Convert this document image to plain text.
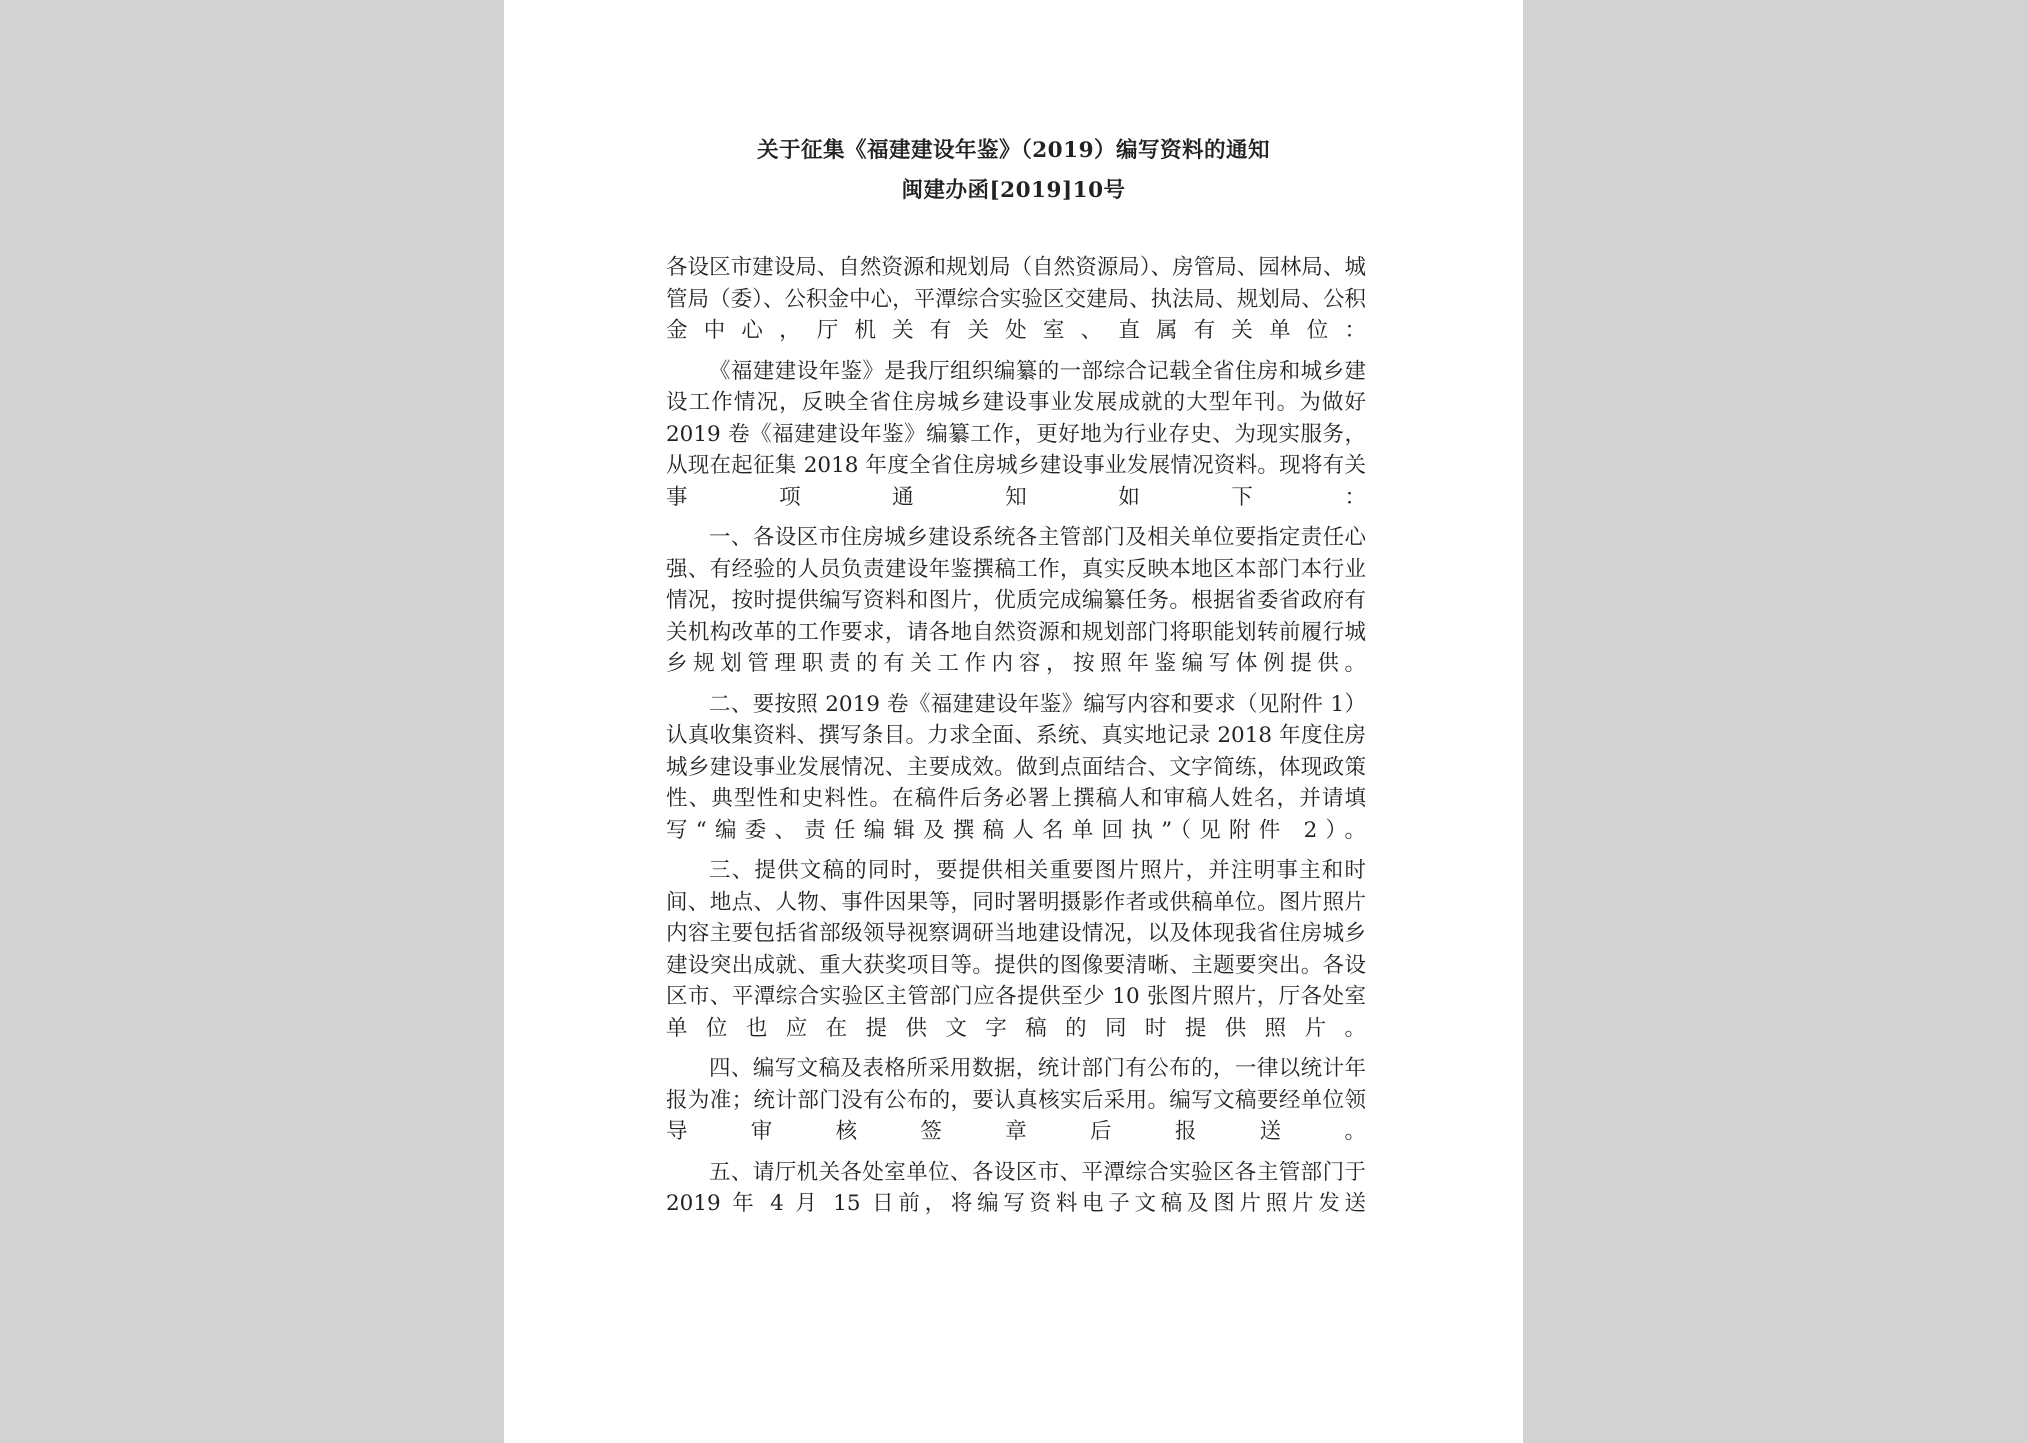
关于征集《福建建设年鉴》（2019）编写资料的通知
闽建办函[2019]10号

各设区市建设局、自然资源和规划局（自然资源局）、房管局、园林局、城管局（委）、公积金中心，平潭综合实验区交建局、执法局、规划局、公积金中心，厅机关有关处室、直属有关单位：

《福建建设年鉴》是我厅组织编纂的一部综合记载全省住房和城乡建设工作情况，反映全省住房城乡建设事业发展成就的大型年刊。为做好 2019 卷《福建建设年鉴》编纂工作，更好地为行业存史、为现实服务，从现在起征集 2018 年度全省住房城乡建设事业发展情况资料。现将有关事项通知如下：

一、各设区市住房城乡建设系统各主管部门及相关单位要指定责任心强、有经验的人员负责建设年鉴撰稿工作，真实反映本地区本部门本行业情况，按时提供编写资料和图片，优质完成编纂任务。根据省委省政府有关机构改革的工作要求，请各地自然资源和规划部门将职能划转前履行城乡规划管理职责的有关工作内容，按照年鉴编写体例提供。

二、要按照 2019 卷《福建建设年鉴》编写内容和要求（见附件 1）认真收集资料、撰写条目。力求全面、系统、真实地记录 2018 年度住房城乡建设事业发展情况、主要成效。做到点面结合、文字简练，体现政策性、典型性和史料性。在稿件后务必署上撰稿人和审稿人姓名，并请填写“编委、责任编辑及撰稿人名单回执”（见附件 2）。

三、提供文稿的同时，要提供相关重要图片照片，并注明事主和时间、地点、人物、事件因果等，同时署明摄影作者或供稿单位。图片照片内容主要包括省部级领导视察调研当地建设情况，以及体现我省住房城乡建设突出成就、重大获奖项目等。提供的图像要清晰、主题要突出。各设区市、平潭综合实验区主管部门应各提供至少 10 张图片照片，厅各处室单位也应在提供文字稿的同时提供照片。

四、编写文稿及表格所采用数据，统计部门有公布的，一律以统计年报为准；统计部门没有公布的，要认真核实后采用。编写文稿要经单位领导审核签章后报送。

五、请厅机关各处室单位、各设区市、平潭综合实验区各主管部门于 2019 年 4 月 15 日前，将编写资料电子文稿及图片照片发送
